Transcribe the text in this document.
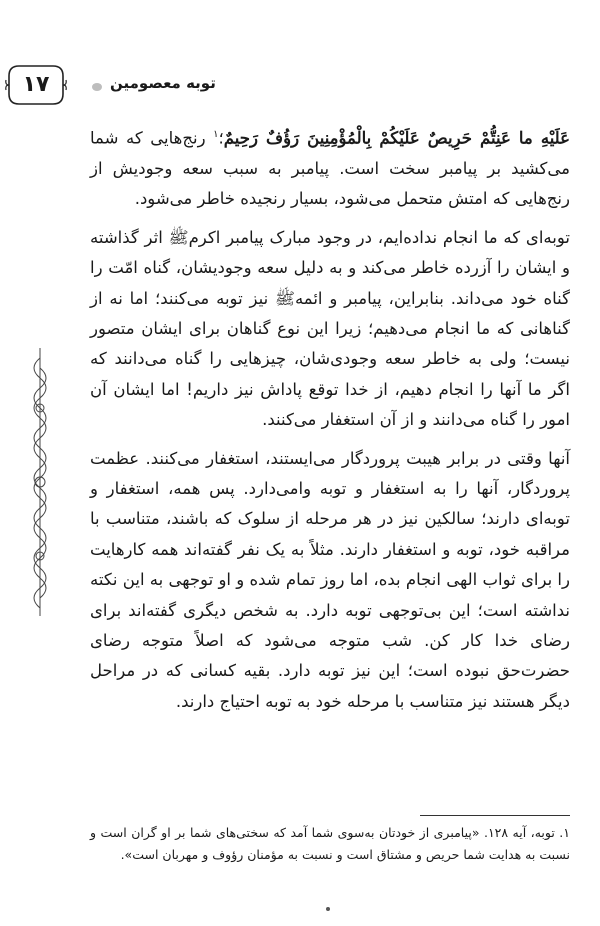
۱۷	توبه معصومین

عَلَيْهِ ما عَنِتُّمْ حَرِيصٌ عَلَيْكُمْ بِالْمُؤْمِنِينَ رَؤُفٌ رَحِيمٌ؛$^۱$ رنج‌هایی که شما می‌کشید بر پیامبر سخت است. پیامبر به سبب سعه وجودیش از رنج‌هایی که امتش متحمل می‌شود، بسیار رنجیده خاطر می‌شود.

توبه‌ای که ما انجام نداده‌ایم، در وجود مبارک پیامبر اکرمﷺ اثر گذاشته و ایشان را آزرده خاطر می‌کند و به دلیل سعه وجودیشان، گناه امّت را گناه خود می‌داند. بنابراین، پیامبر و ائمهﷺ نیز توبه می‌کنند؛ اما نه از گناهانی که ما انجام می‌دهیم؛ زیرا این نوع گناهان برای ایشان متصور نیست؛ ولی به خاطر سعه وجودی‌شان، چیزهایی را گناه می‌دانند که اگر ما آنها را انجام دهیم، از خدا توقع پاداش نیز داریم! اما ایشان آن امور را گناه می‌دانند و از آن استغفار می‌کنند.

آنها وقتی در برابر هیبت پروردگار می‌ایستند، استغفار می‌کنند. عظمت پروردگار، آنها را به استغفار و توبه وامی‌دارد. پس همه، استغفار و توبه‌ای دارند؛ سالکین نیز در هر مرحله از سلوک که باشند، متناسب با مراقبه خود، توبه و استغفار دارند. مثلاً به یک نفر گفته‌اند همه کارهایت را برای ثواب الهی انجام بده، اما روز تمام شده و او توجهی به این نکته نداشته است؛ این بی‌توجهی توبه دارد. به شخص دیگری گفته‌اند برای رضای خدا کار کن. شب متوجه می‌شود که اصلاً متوجه رضای حضرت‌حق نبوده است؛ این نیز توبه دارد. بقیه کسانی که در مراحل دیگر هستند نیز متناسب با مرحله خود به توبه احتیاج دارند.

۱. توبه، آیه ۱۲۸. «پیامبری از خودتان به‌سوی شما آمد که سختی‌های شما بر او گران است و نسبت به هدایت شما حریص و مشتاق است و نسبت به مؤمنان رؤوف و مهربان است».
